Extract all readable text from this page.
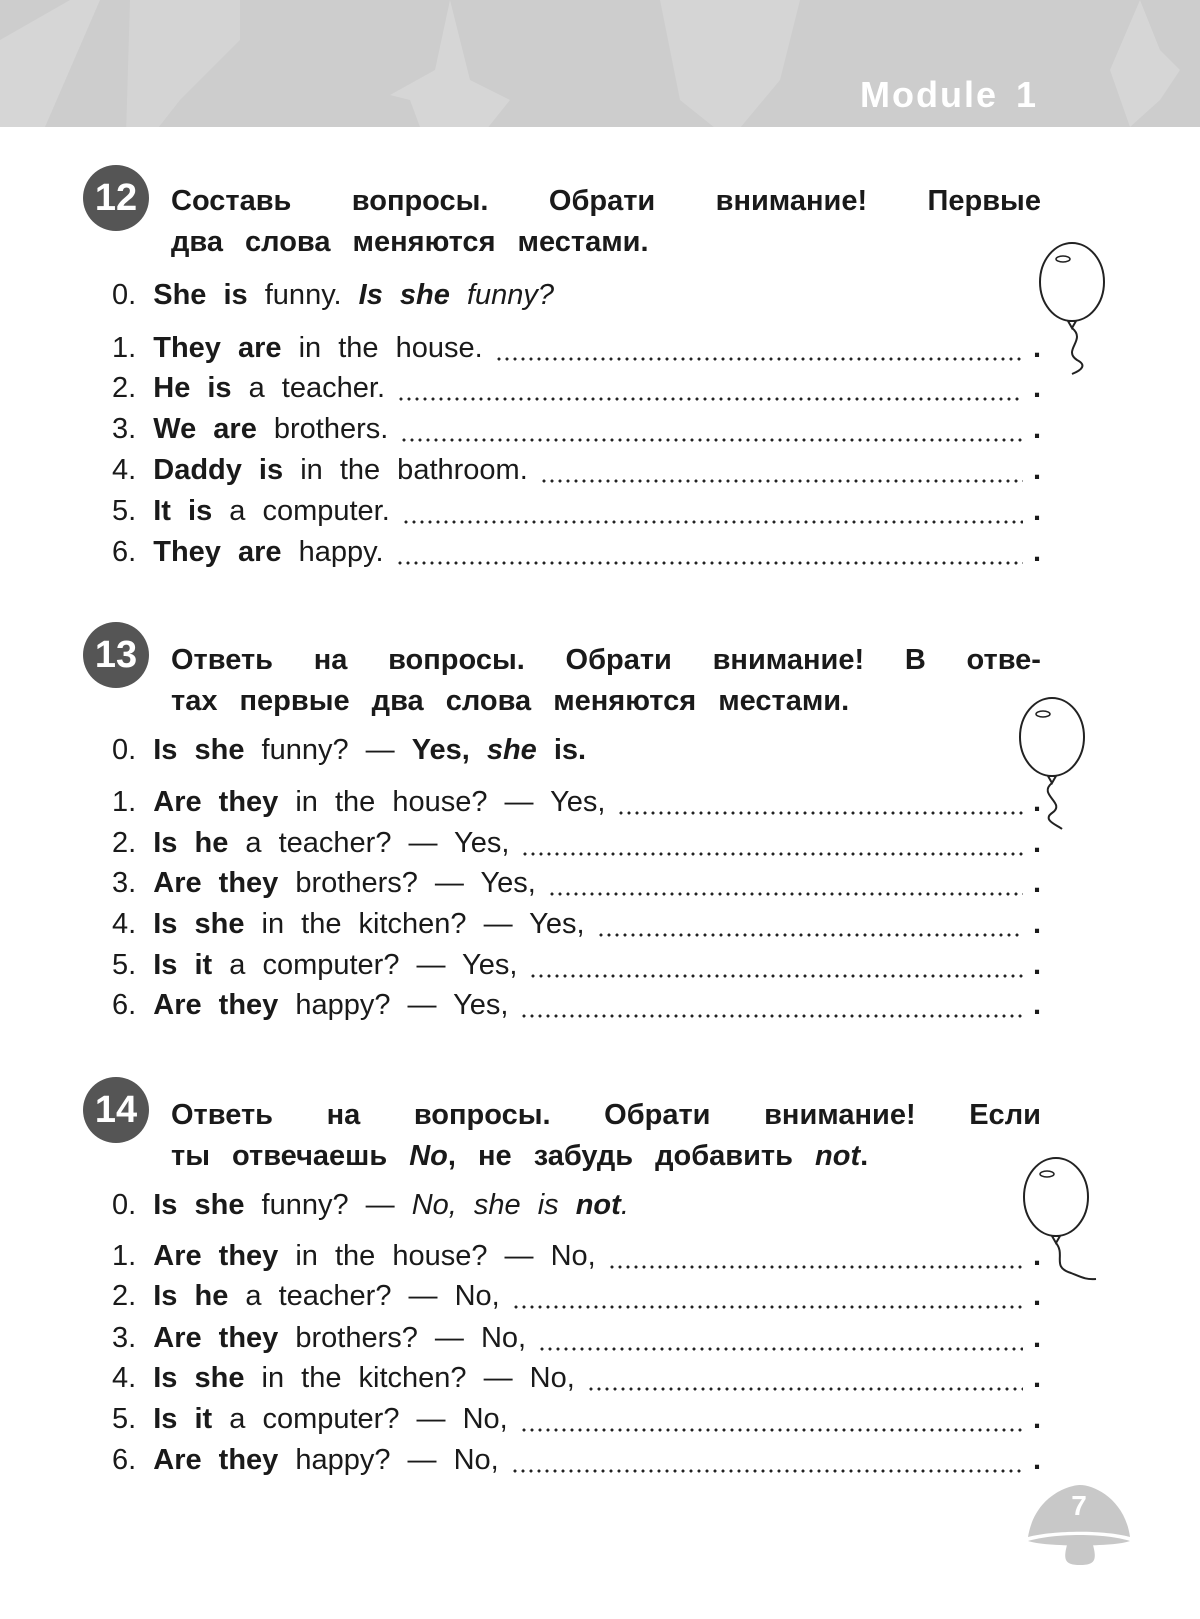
Module 1
12	Составь вопросы. Обрати внимание! Первые
два слова меняются местами.
0. She is funny. Is she funny?
1. They are in the house.	.
2. He is a teacher.	.
3. We are brothers.	.
4. Daddy is in the bathroom.	.
5. It is a computer.	.
6. They are happy.	.
13	Ответь на вопросы. Обрати внимание! В отве-
тах первые два слова меняются местами.
0. Is she funny? — Yes, she is.
1. Are they in the house? — Yes,	.
2. Is he a teacher? — Yes,	.
3. Are they brothers? — Yes,	.
4. Is she in the kitchen? — Yes,	.
5. Is it a computer? — Yes,	.
6. Are they happy? — Yes,	.
14	Ответь на вопросы. Обрати внимание! Если
ты отвечаешь No, не забудь добавить not.
0. Is she funny? — No, she is not .
1. Are they in the house? — No,	.
2. Is he a teacher? — No,	.
3. Are they brothers? — No,	.
4. Is she in the kitchen? — No,	.
5. Is it a computer? — No,	.
6. Are they happy? — No,	.
7
